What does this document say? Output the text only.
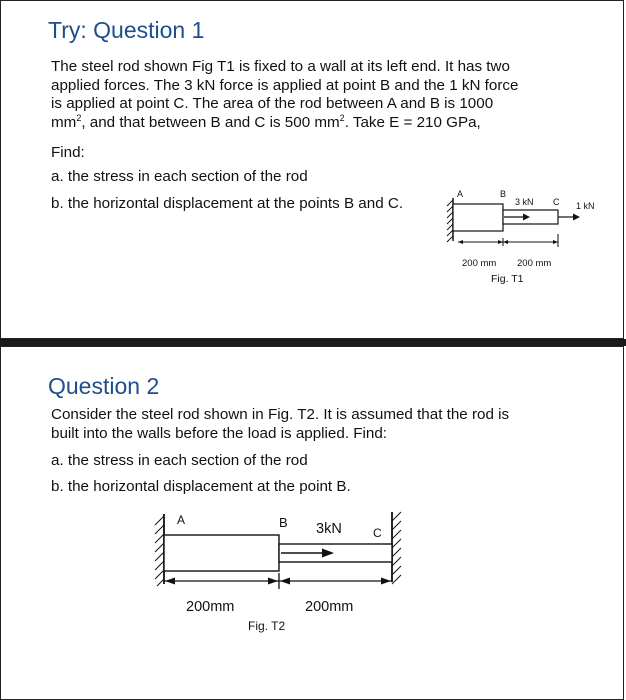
Try: Question 1
The steel rod shown Fig T1 is fixed to a wall at its left end. It has two
applied forces. The 3 kN force is applied at point B and the 1 kN force
is applied at point C. The area of the rod between A and B is 1000
$mm^2$, and that between B and C is 500 $mm^2$. Take E = 210 GPa,
Find:
a. the stress in each section of the rod
b. the horizontal displacement at the points B and C.
A	B
3 kN C 1 kN
200 mm 200 mm
Fig. T1
Question 2
Consider the steel rod shown in Fig. T2. It is assumed that the rod is
built into the walls before the load is applied. Find:
a. the stress in each section of the rod
b. the horizontal displacement at the point B.
A	B 3kN	C
200mm	200mm
Fig. T2
